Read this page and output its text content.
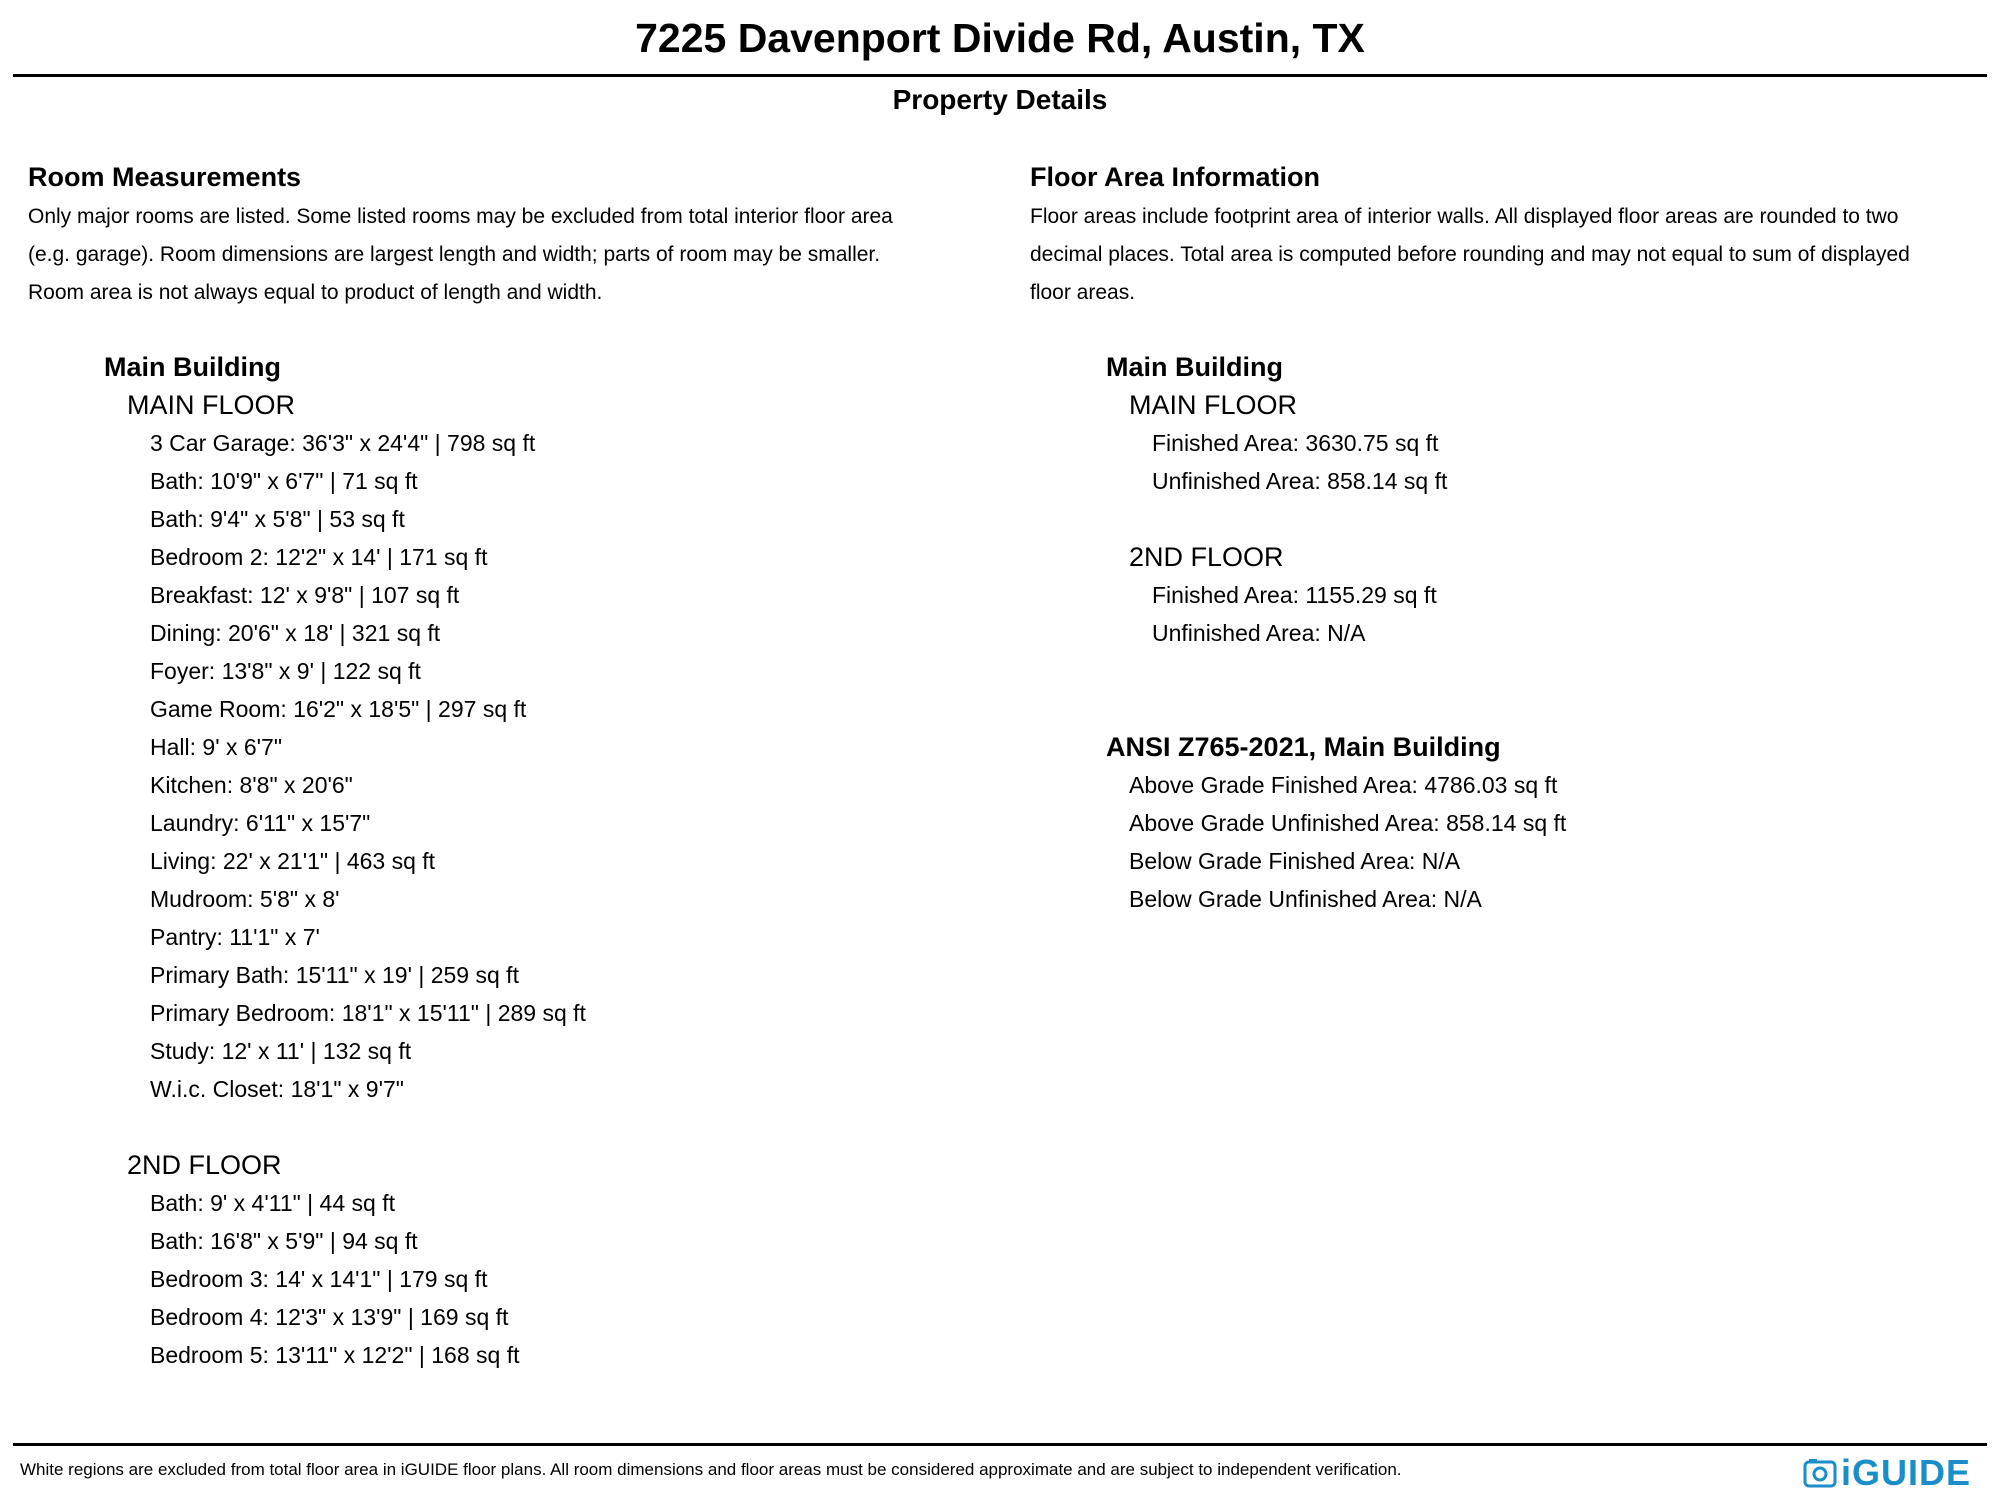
7225 Davenport Divide Rd, Austin, TX
Property Details
Room Measurements

Only major rooms are listed. Some listed rooms may be excluded from total interior floor area
(e.g. garage). Room dimensions are largest length and width; parts of room may be smaller.
Room area is not always equal to product of length and width.

Main Building
MAIN FLOOR
3 Car Garage: 36'3" x 24'4" | 798 sq ft
Bath: 10'9" x 6'7" | 71 sq ft
Bath: 9'4" x 5'8" | 53 sq ft
Bedroom 2: 12'2" x 14' | 171 sq ft
Breakfast: 12' x 9'8" | 107 sq ft
Dining: 20'6" x 18' | 321 sq ft
Foyer: 13'8" x 9' | 122 sq ft
Game Room: 16'2" x 18'5" | 297 sq ft
Hall: 9' x 6'7"
Kitchen: 8'8" x 20'6"
Laundry: 6'11" x 15'7"
Living: 22' x 21'1" | 463 sq ft
Mudroom: 5'8" x 8'
Pantry: 11'1" x 7'
Primary Bath: 15'11" x 19' | 259 sq ft
Primary Bedroom: 18'1" x 15'11" | 289 sq ft
Study: 12' x 11' | 132 sq ft
W.i.c. Closet: 18'1" x 9'7"
2ND FLOOR
Bath: 9' x 4'11" | 44 sq ft
Bath: 16'8" x 5'9" | 94 sq ft
Bedroom 3: 14' x 14'1" | 179 sq ft
Bedroom 4: 12'3" x 13'9" | 169 sq ft
Bedroom 5: 13'11" x 12'2" | 168 sq ft
Floor Area Information

Floor areas include footprint area of interior walls. All displayed floor areas are rounded to two
decimal places. Total area is computed before rounding and may not equal to sum of displayed
floor areas.

Main Building
MAIN FLOOR
Finished Area: 3630.75 sq ft
Unfinished Area: 858.14 sq ft
2ND FLOOR
Finished Area: 1155.29 sq ft
Unfinished Area: N/A
ANSI Z765-2021, Main Building
Above Grade Finished Area: 4786.03 sq ft
Above Grade Unfinished Area: 858.14 sq ft
Below Grade Finished Area: N/A
Below Grade Unfinished Area: N/A

White regions are excluded from total floor area in iGUIDE floor plans. All room dimensions and floor areas must be considered approximate and are subject to independent verification.	iGUIDE
